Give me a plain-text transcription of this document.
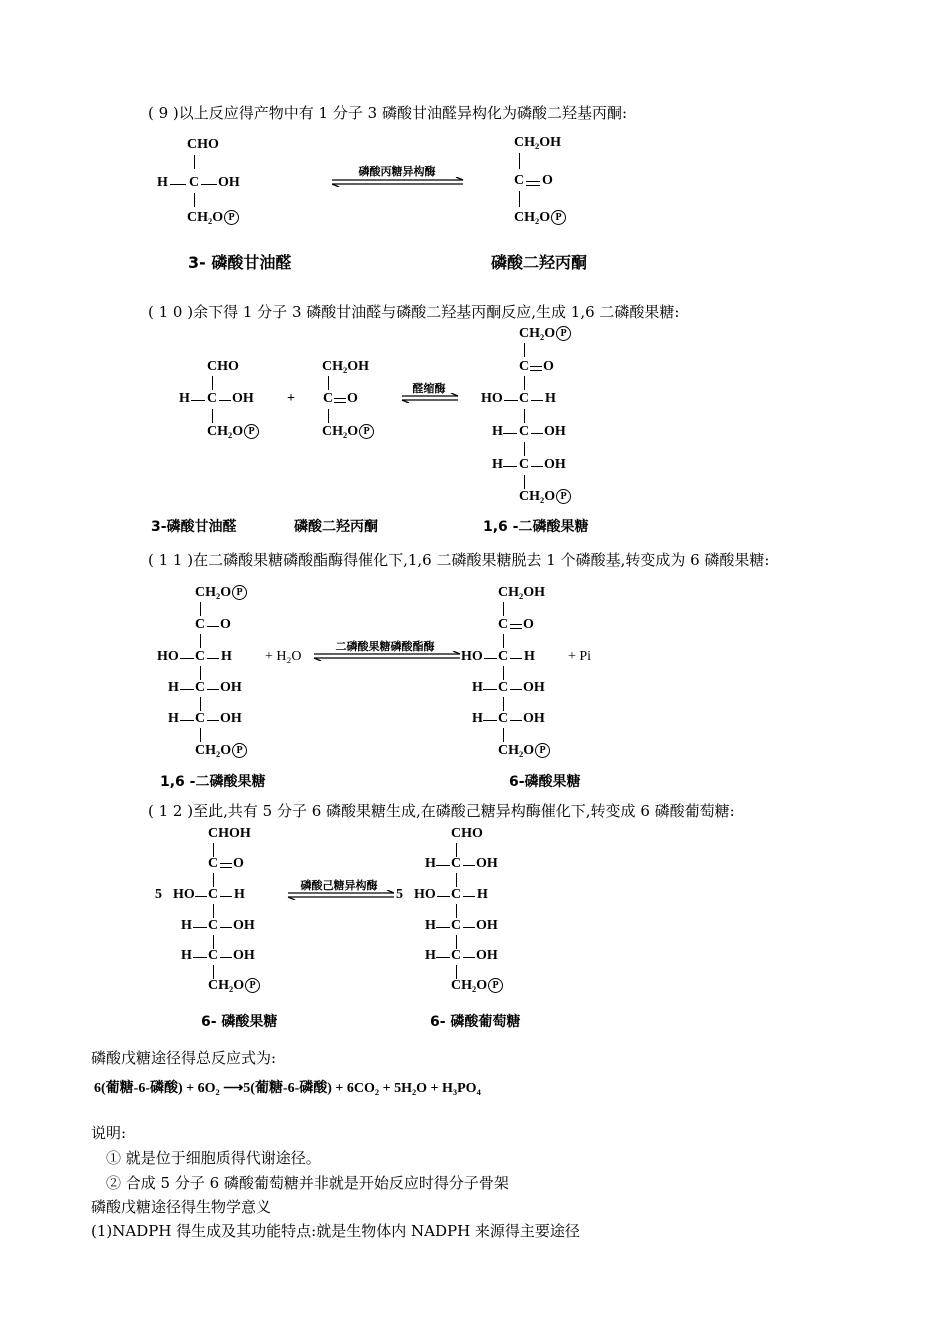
( 9 )以上反应得产物中有 1 分子 3 磷酸甘油醛异构化为磷酸二羟基丙酮:
CHO
H C OH
CH₂O P
磷酸丙糖异构酶
CH₂OH
C O
CH₂O P
3- 磷酸甘油醛	磷酸二羟丙酮
( 1 0 )余下得 1 分子 3 磷酸甘油醛与磷酸二羟基丙酮反应,生成 1,6 二磷酸果糖:
CHO
H C OH
CH₂O P
+
CH₂OH
C O
CH₂O P
醛缩酶
CH₂O P
C O
HO C H
H C OH
H C OH
CH₂O P
3-磷酸甘油醛	磷酸二羟丙酮	1,6 -二磷酸果糖
( 1 1 )在二磷酸果糖磷酸酯酶得催化下,1,6 二磷酸果糖脱去 1 个磷酸基,转变成为 6 磷酸果糖:
CH₂O P
C O
HO C H
H C OH
H C OH
CH₂O P
+ H₂O
二磷酸果糖磷酸酯酶
CH₂OH
C O
HO C H
H C OH
H C OH
CH₂O P
+ Pi
1,6 -二磷酸果糖	6-磷酸果糖
( 1 2 )至此,共有 5 分子 6 磷酸果糖生成,在磷酸己糖异构酶催化下,转变成 6 磷酸葡萄糖:
5
CHOH
C O
HO C H
H C OH
H C OH
CH₂O P
磷酸己糖异构酶
5
CHO
H C OH
HO C H
H C OH
H C OH
CH₂O P
6- 磷酸果糖	6- 磷酸葡萄糖
磷酸戊糖途径得总反应式为:
6(葡糖-6-磷酸) + 6O₂ ⟶5(葡糖-6-磷酸) + 6CO₂ + 5H₂O + H₃PO₄
说明:
① 就是位于细胞质得代谢途径。
② 合成 5 分子 6 磷酸葡萄糖并非就是开始反应时得分子骨架
磷酸戊糖途径得生物学意义
(1)NADPH 得生成及其功能特点:就是生物体内 NADPH 来源得主要途径
